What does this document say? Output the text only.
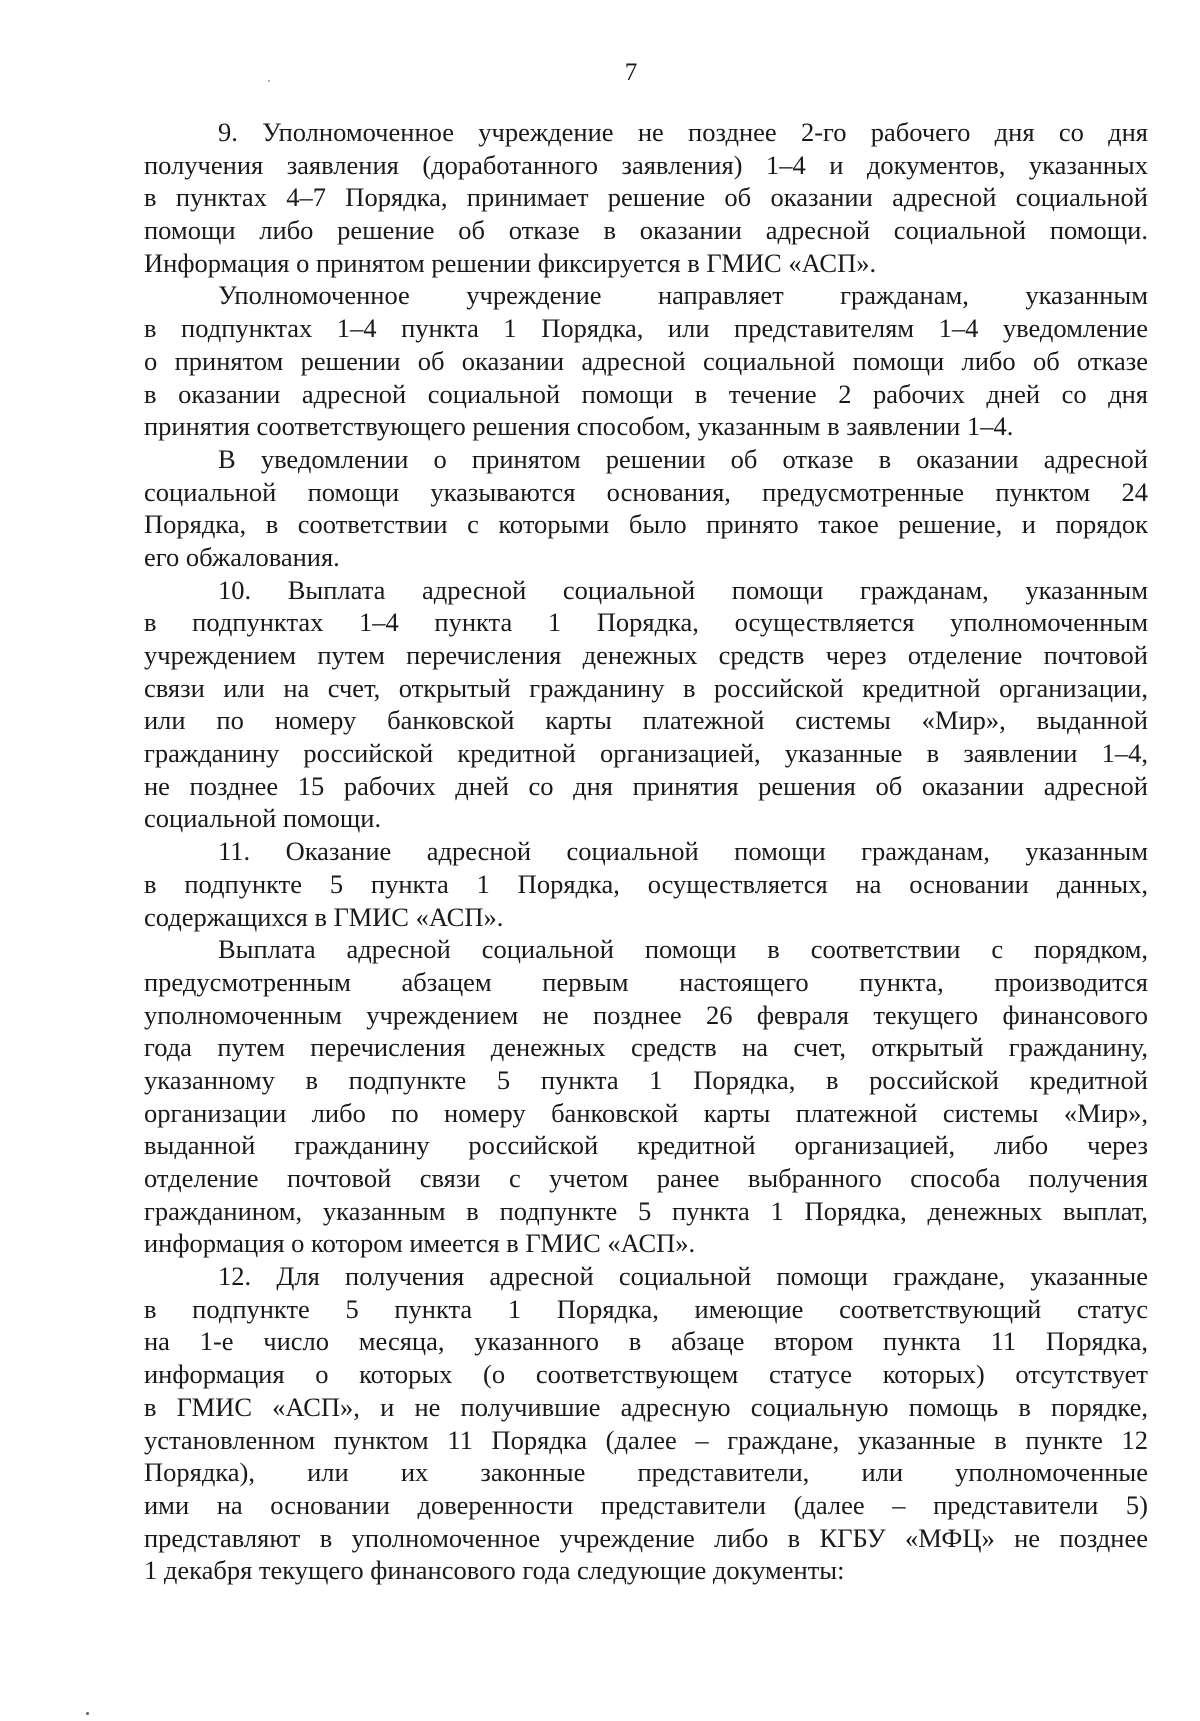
7
9. Уполномоченное учреждение не позднее 2-го рабочего дня со дня
получения заявления (доработанного заявления) 1–4 и документов, указанных
в пунктах 4–7 Порядка, принимает решение об оказании адресной социальной
помощи либо решение об отказе в оказании адресной социальной помощи.
Информация о принятом решении фиксируется в ГМИС «АСП».
Уполномоченное учреждение направляет гражданам, указанным
в подпунктах 1–4 пункта 1 Порядка, или представителям 1–4 уведомление
о принятом решении об оказании адресной социальной помощи либо об отказе
в оказании адресной социальной помощи в течение 2 рабочих дней со дня
принятия соответствующего решения способом, указанным в заявлении 1–4.
В уведомлении о принятом решении об отказе в оказании адресной
социальной помощи указываются основания, предусмотренные пунктом 24
Порядка, в соответствии с которыми было принято такое решение, и порядок
его обжалования.
10. Выплата адресной социальной помощи гражданам, указанным
в подпунктах 1–4 пункта 1 Порядка, осуществляется уполномоченным
учреждением путем перечисления денежных средств через отделение почтовой
связи или на счет, открытый гражданину в российской кредитной организации,
или по номеру банковской карты платежной системы «Мир», выданной
гражданину российской кредитной организацией, указанные в заявлении 1–4,
не позднее 15 рабочих дней со дня принятия решения об оказании адресной
социальной помощи.
11. Оказание адресной социальной помощи гражданам, указанным
в подпункте 5 пункта 1 Порядка, осуществляется на основании данных,
содержащихся в ГМИС «АСП».
Выплата адресной социальной помощи в соответствии с порядком,
предусмотренным абзацем первым настоящего пункта, производится
уполномоченным учреждением не позднее 26 февраля текущего финансового
года путем перечисления денежных средств на счет, открытый гражданину,
указанному в подпункте 5 пункта 1 Порядка, в российской кредитной
организации либо по номеру банковской карты платежной системы «Мир»,
выданной гражданину российской кредитной организацией, либо через
отделение почтовой связи с учетом ранее выбранного способа получения
гражданином, указанным в подпункте 5 пункта 1 Порядка, денежных выплат,
информация о котором имеется в ГМИС «АСП».
12. Для получения адресной социальной помощи граждане, указанные
в подпункте 5 пункта 1 Порядка, имеющие соответствующий статус
на 1-е число месяца, указанного в абзаце втором пункта 11 Порядка,
информация о которых (о соответствующем статусе которых) отсутствует
в ГМИС «АСП», и не получившие адресную социальную помощь в порядке,
установленном пунктом 11 Порядка (далее – граждане, указанные в пункте 12
Порядка), или их законные представители, или уполномоченные
ими на основании доверенности представители (далее – представители 5)
представляют в уполномоченное учреждение либо в КГБУ «МФЦ» не позднее
1 декабря текущего финансового года следующие документы:
